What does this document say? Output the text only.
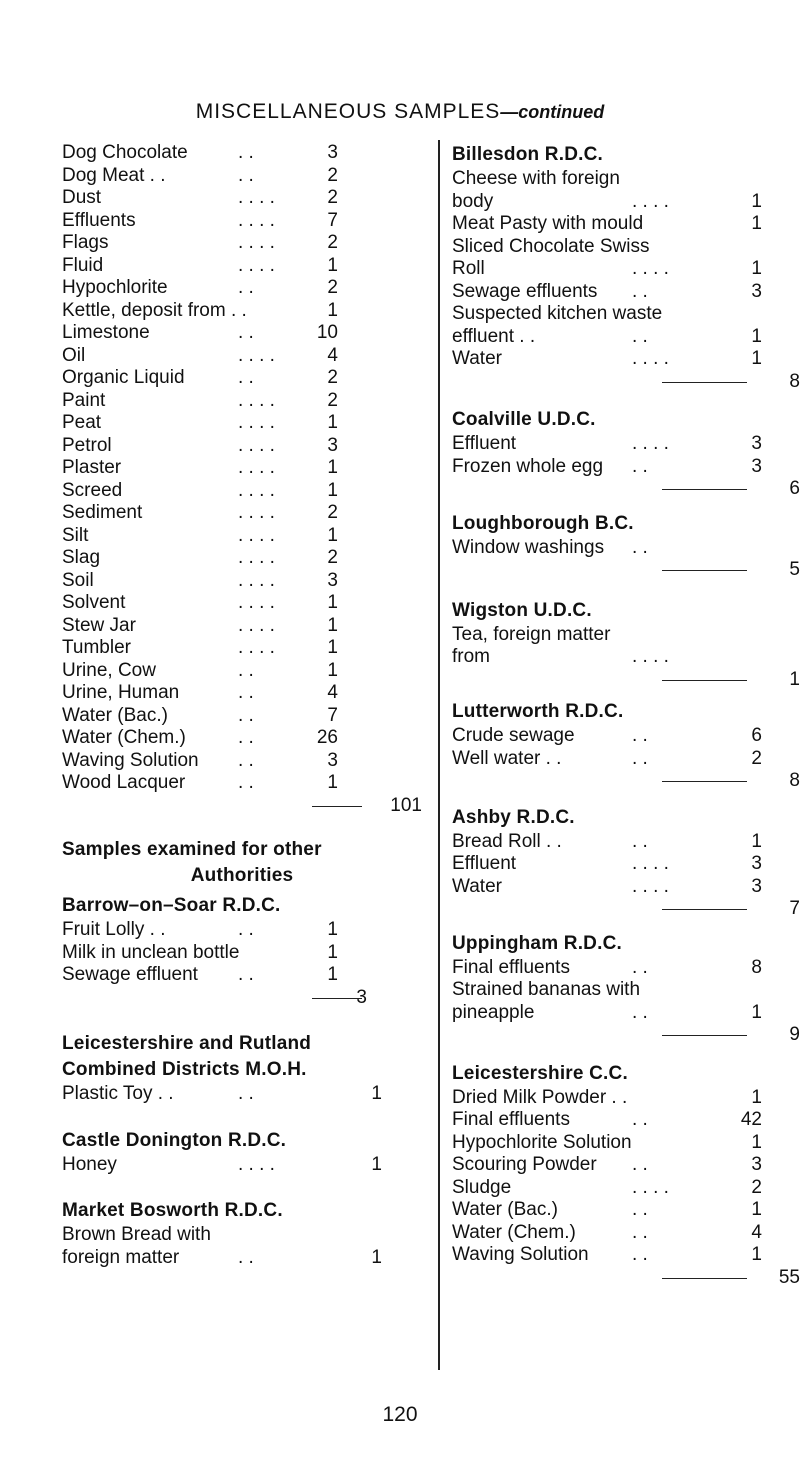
MISCELLANEOUS SAMPLES—continued
Dog Chocolate	. .	3
Dog Meat . .	. .	2
Dust	. . . .	2
Effluents	. . . .	7
Flags	. . . .	2
Fluid	. . . .	1
Hypochlorite	. .	2
Kettle, deposit from . .	1
Limestone	. .	10
Oil	. . . .	4
Organic Liquid	. .	2
Paint	. . . .	2
Peat	. . . .	1
Petrol	. . . .	3
Plaster	. . . .	1
Screed	. . . .	1
Sediment	. . . .	2
Silt	. . . .	1
Slag	. . . .	2
Soil	. . . .	3
Solvent	. . . .	1
Stew Jar	. . . .	1
Tumbler	. . . .	1
Urine, Cow	. .	1
Urine, Human	. .	4
Water (Bac.)	. .	7
Water (Chem.)	. .	26
Waving Solution . .	3
Wood Lacquer	. .	1
101
Samples examined for other
Authorities
Barrow–on–Soar R.D.C.
Fruit Lolly . .	. .	1
Milk in unclean bottle	1
Sewage effluent . .	1
3
Leicestershire and Rutland
Combined Districts M.O.H.
Plastic Toy . .	. .	1
Castle Donington R.D.C.
Honey	. . . .	1
Market Bosworth R.D.C.
Brown Bread with
foreign matter	. .	1
Billesdon R.D.C.
Cheese with foreign
body	. . . .	1
Meat Pasty with mould	1
Sliced Chocolate Swiss
Roll	. . . .	1
Sewage effluents . .	3
Suspected kitchen waste
effluent . .	. .	1
Water	. . . .	1
8
Coalville U.D.C.
Effluent	. . . .	3
Frozen whole egg . .	3
6
Loughborough B.C.
Window washings . .
5
Wigston U.D.C.
Tea, foreign matter
from	. . . .
1
Lutterworth R.D.C.
Crude sewage	. .	6
Well water . .	. .	2
8
Ashby R.D.C.
Bread Roll . .	. .	1
Effluent	. . . .	3
Water	. . . .	3
7
Uppingham R.D.C.
Final effluents	. .	8
Strained bananas with
pineapple	. .	1
9
Leicestershire C.C.
Dried Milk Powder . .	1
Final effluents	. .	42
Hypochlorite Solution	1
Scouring Powder . .	3
Sludge	. . . .	2
Water (Bac.)	. .	1
Water (Chem.)	. .	4
Waving Solution . .	1
55
120
